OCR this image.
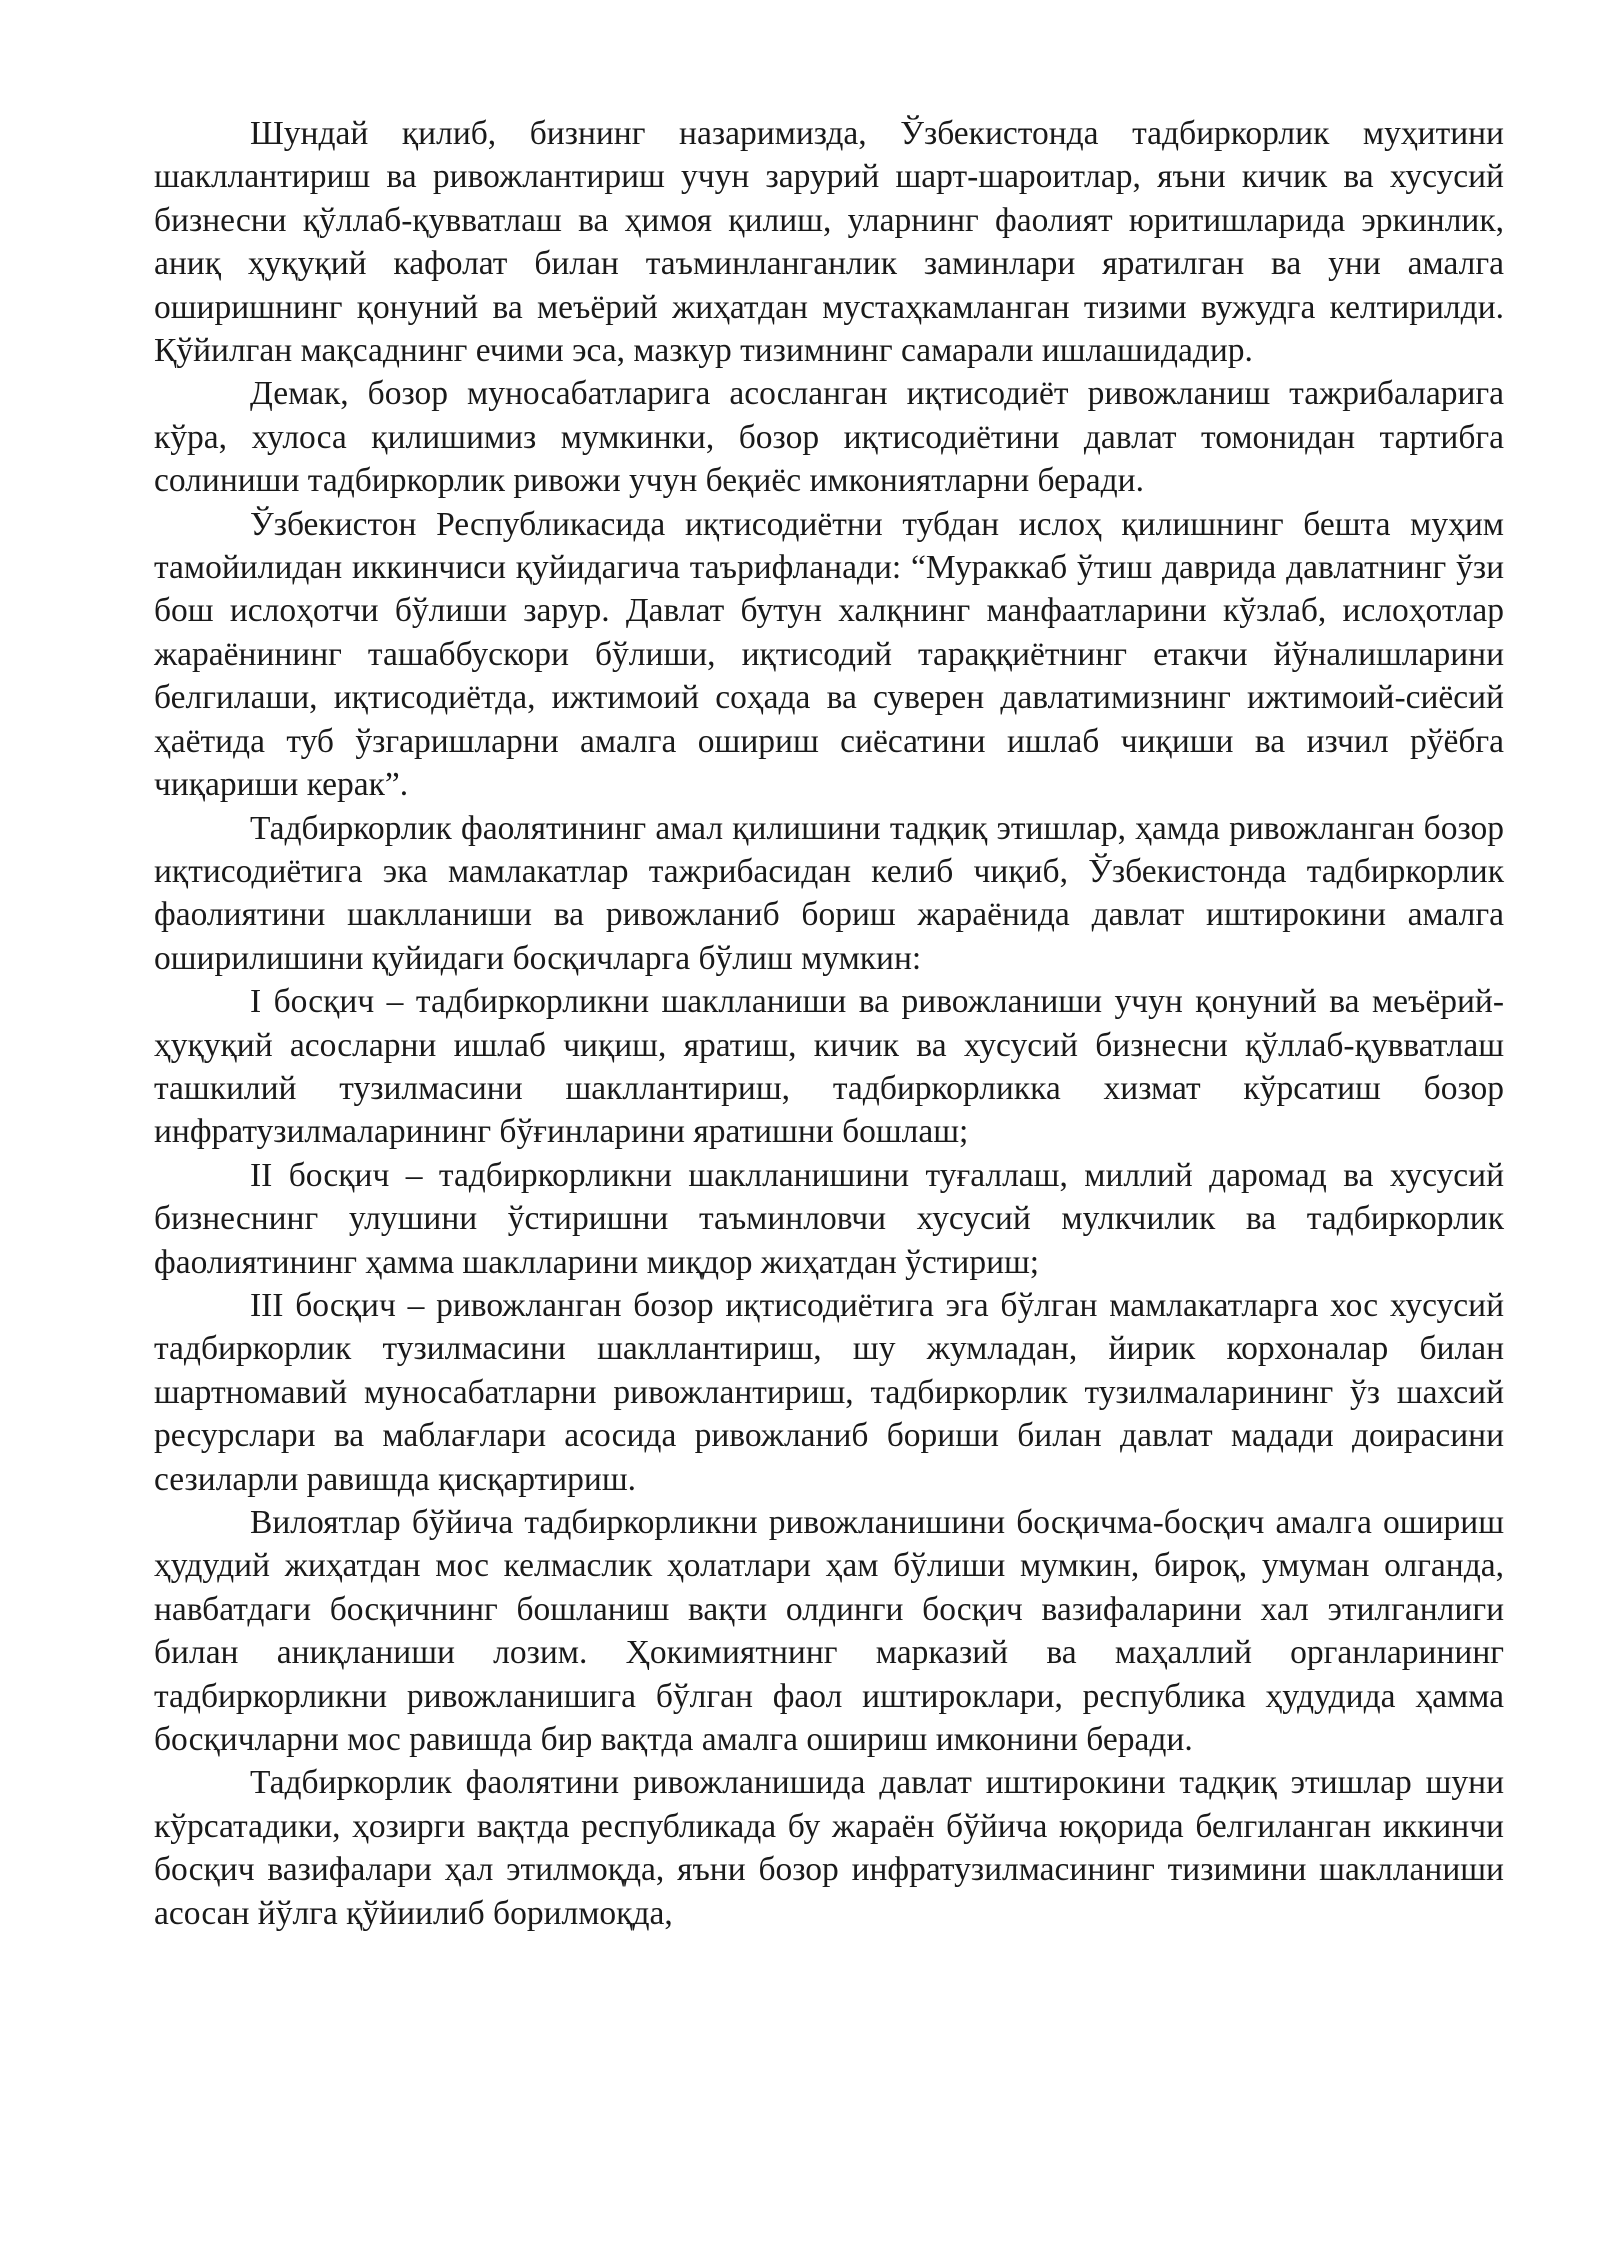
Шундай қилиб, бизнинг назаримизда, Ўзбекистонда тадбиркорлик муҳитини шакллантириш ва ривожлантириш учун зарурий шарт-шароитлар, яъни кичик ва хусусий бизнесни қўллаб-қувватлаш ва ҳимоя қилиш, уларнинг фаолият юритишларида эркинлик, аниқ ҳуқуқий кафолат билан таъминланганлик заминлари яратилган ва уни амалга оширишнинг қонуний ва меъёрий жиҳатдан мустаҳкамланган тизими вужудга келтирилди. Қўйилган мақсаднинг ечими эса, мазкур тизимнинг самарали ишлашидадир.

Демак, бозор муносабатларига асосланган иқтисодиёт ривожланиш тажрибаларига кўра, хулоса қилишимиз мумкинки, бозор иқтисодиётини давлат томонидан тартибга солиниши тадбиркорлик ривожи учун беқиёс имкониятларни беради.

Ўзбекистон Республикасида иқтисодиётни тубдан ислоҳ қилишнинг бешта муҳим тамойилидан иккинчиси қуйидагича таърифланади: “Мураккаб ўтиш даврида давлатнинг ўзи бош ислоҳотчи бўлиши зарур. Давлат бутун халқнинг манфаатларини кўзлаб, ислоҳотлар жараёнининг ташаббускори бўлиши, иқтисодий тараққиётнинг етакчи йўналишларини белгилаши, иқтисодиётда, ижтимоий соҳада ва суверен давлатимизнинг ижтимоий-сиёсий ҳаётида туб ўзгаришларни амалга ошириш сиёсатини ишлаб чиқиши ва изчил рўёбга чиқариши керак”.

Тадбиркорлик фаолятининг амал қилишини тадқиқ этишлар, ҳамда ривожланган бозор иқтисодиётига эка мамлакатлар тажрибасидан келиб чиқиб, Ўзбекистонда тадбиркорлик фаолиятини шаклланиши ва ривожланиб бориш жараёнида давлат иштирокини амалга оширилишини қуйидаги босқичларга бўлиш мумкин:

I босқич – тадбиркорликни шаклланиши ва ривожланиши учун қонуний ва меъёрий-ҳуқуқий асосларни ишлаб чиқиш, яратиш, кичик ва хусусий бизнесни қўллаб-қувватлаш ташкилий тузилмасини шакллантириш, тадбиркорликка хизмат кўрсатиш бозор инфратузилмаларининг бўғинларини яратишни бошлаш;

II босқич – тадбиркорликни шаклланишини туғаллаш, миллий даромад ва хусусий бизнеснинг улушини ўстиришни таъминловчи хусусий мулкчилик ва тадбиркорлик фаолиятининг ҳамма шаклларини миқдор жиҳатдан ўстириш;

III босқич – ривожланган бозор иқтисодиётига эга бўлган мамлакатларга хос хусусий тадбиркорлик тузилмасини шакллантириш, шу жумладан, йирик корхоналар билан шартномавий муносабатларни ривожлантириш, тадбиркорлик тузилмаларининг ўз шахсий ресурслари ва маблағлари асосида ривожланиб бориши билан давлат мадади доирасини сезиларли равишда қисқартириш.

Вилоятлар бўйича тадбиркорликни ривожланишини босқичма-босқич амалга ошириш ҳудудий жиҳатдан мос келмаслик ҳолатлари ҳам бўлиши мумкин, бироқ, умуман олганда, навбатдаги босқичнинг бошланиш вақти олдинги босқич вазифаларини хал этилганлиги билан аниқланиши лозим. Ҳокимиятнинг марказий ва маҳаллий органларининг тадбиркорликни ривожланишига бўлган фаол иштироклари, республика ҳудудида ҳамма босқичларни мос равишда бир вақтда амалга ошириш имконини беради.

Тадбиркорлик фаолятини ривожланишида давлат иштирокини тадқиқ этишлар шуни кўрсатадики, ҳозирги вақтда республикада бу жараён бўйича юқорида белгиланган иккинчи босқич вазифалари ҳал этилмоқда, яъни бозор инфратузилмасининг тизимини шаклланиши асосан йўлга қўйиилиб борилмоқда,
